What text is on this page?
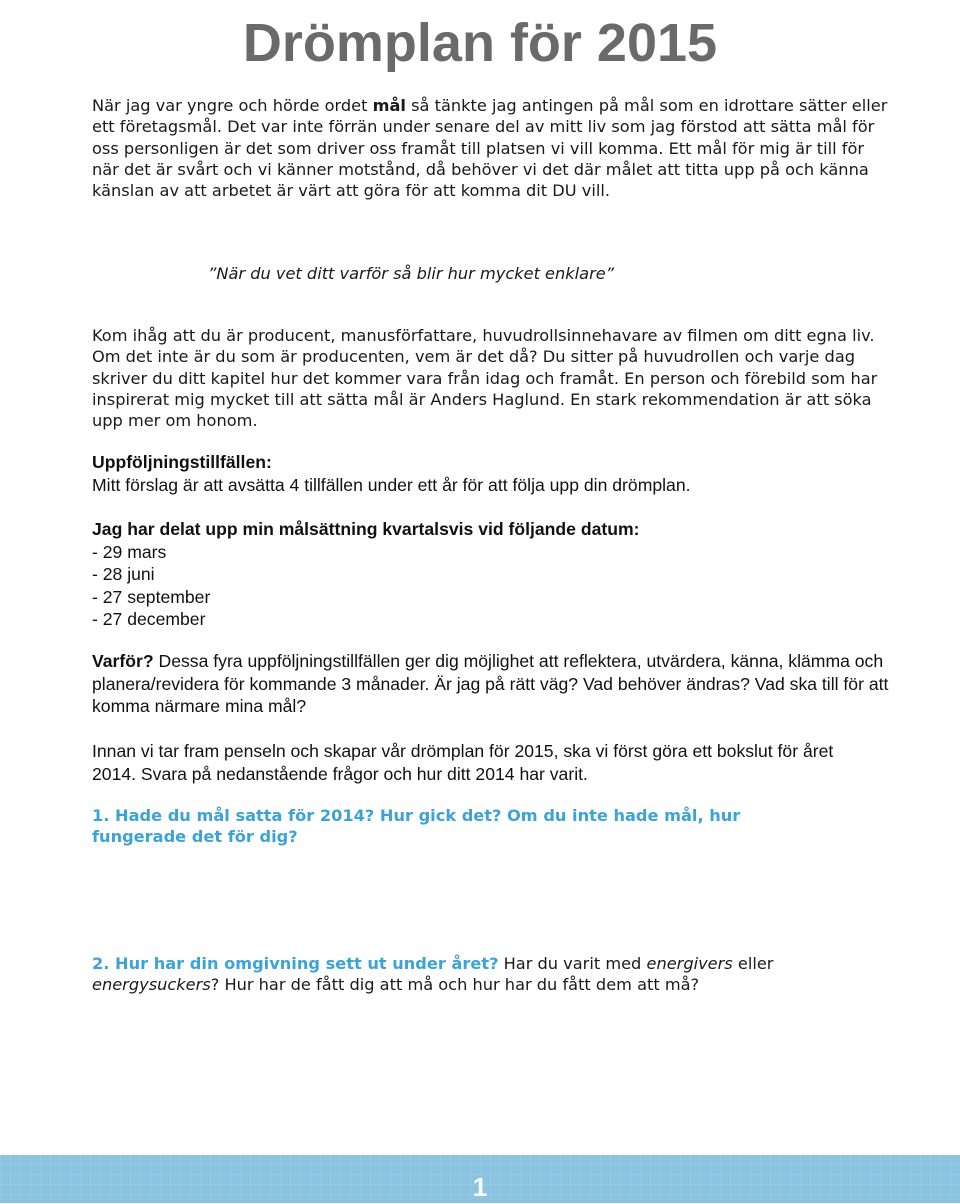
Drömplan för 2015

När jag var yngre och hörde ordet mål så tänkte jag antingen på mål som en idrottare sätter eller ett företagsmål. Det var inte förrän under senare del av mitt liv som jag förstod att sätta mål för oss personligen är det som driver oss framåt till platsen vi vill komma. Ett mål för mig är till för när det är svårt och vi känner motstånd, då behöver vi det där målet att titta upp på och känna känslan av att arbetet är värt att göra för att komma dit DU vill.

”När du vet ditt varför så blir hur mycket enklare”

Kom ihåg att du är producent, manusförfattare, huvudrollsinnehavare av filmen om ditt egna liv. Om det inte är du som är producenten, vem är det då? Du sitter på huvudrollen och varje dag skriver du ditt kapitel hur det kommer vara från idag och framåt. En person och förebild som har inspirerat mig mycket till att sätta mål är Anders Haglund. En stark rekommendation är att söka upp mer om honom.

Uppföljningstillfällen:
Mitt förslag är att avsätta 4 tillfällen under ett år för att följa upp din drömplan.
Jag har delat upp min målsättning kvartalsvis vid följande datum:
- 29 mars
- 28 juni
- 27 september
- 27 december

Varför? Dessa fyra uppföljningstillfällen ger dig möjlighet att reflektera, utvärdera, känna, klämma och planera/revidera för kommande 3 månader. Är jag på rätt väg? Vad behöver ändras? Vad ska till för att komma närmare mina mål?

Innan vi tar fram penseln och skapar vår drömplan för 2015, ska vi först göra ett bokslut för året 2014. Svara på nedanstående frågor och hur ditt 2014 har varit.

1. Hade du mål satta för 2014? Hur gick det? Om du inte hade mål, hur fungerade det för dig?

2. Hur har din omgivning sett ut under året? Har du varit med energivers eller energysuckers? Hur har de fått dig att må och hur har du fått dem att må?

1
